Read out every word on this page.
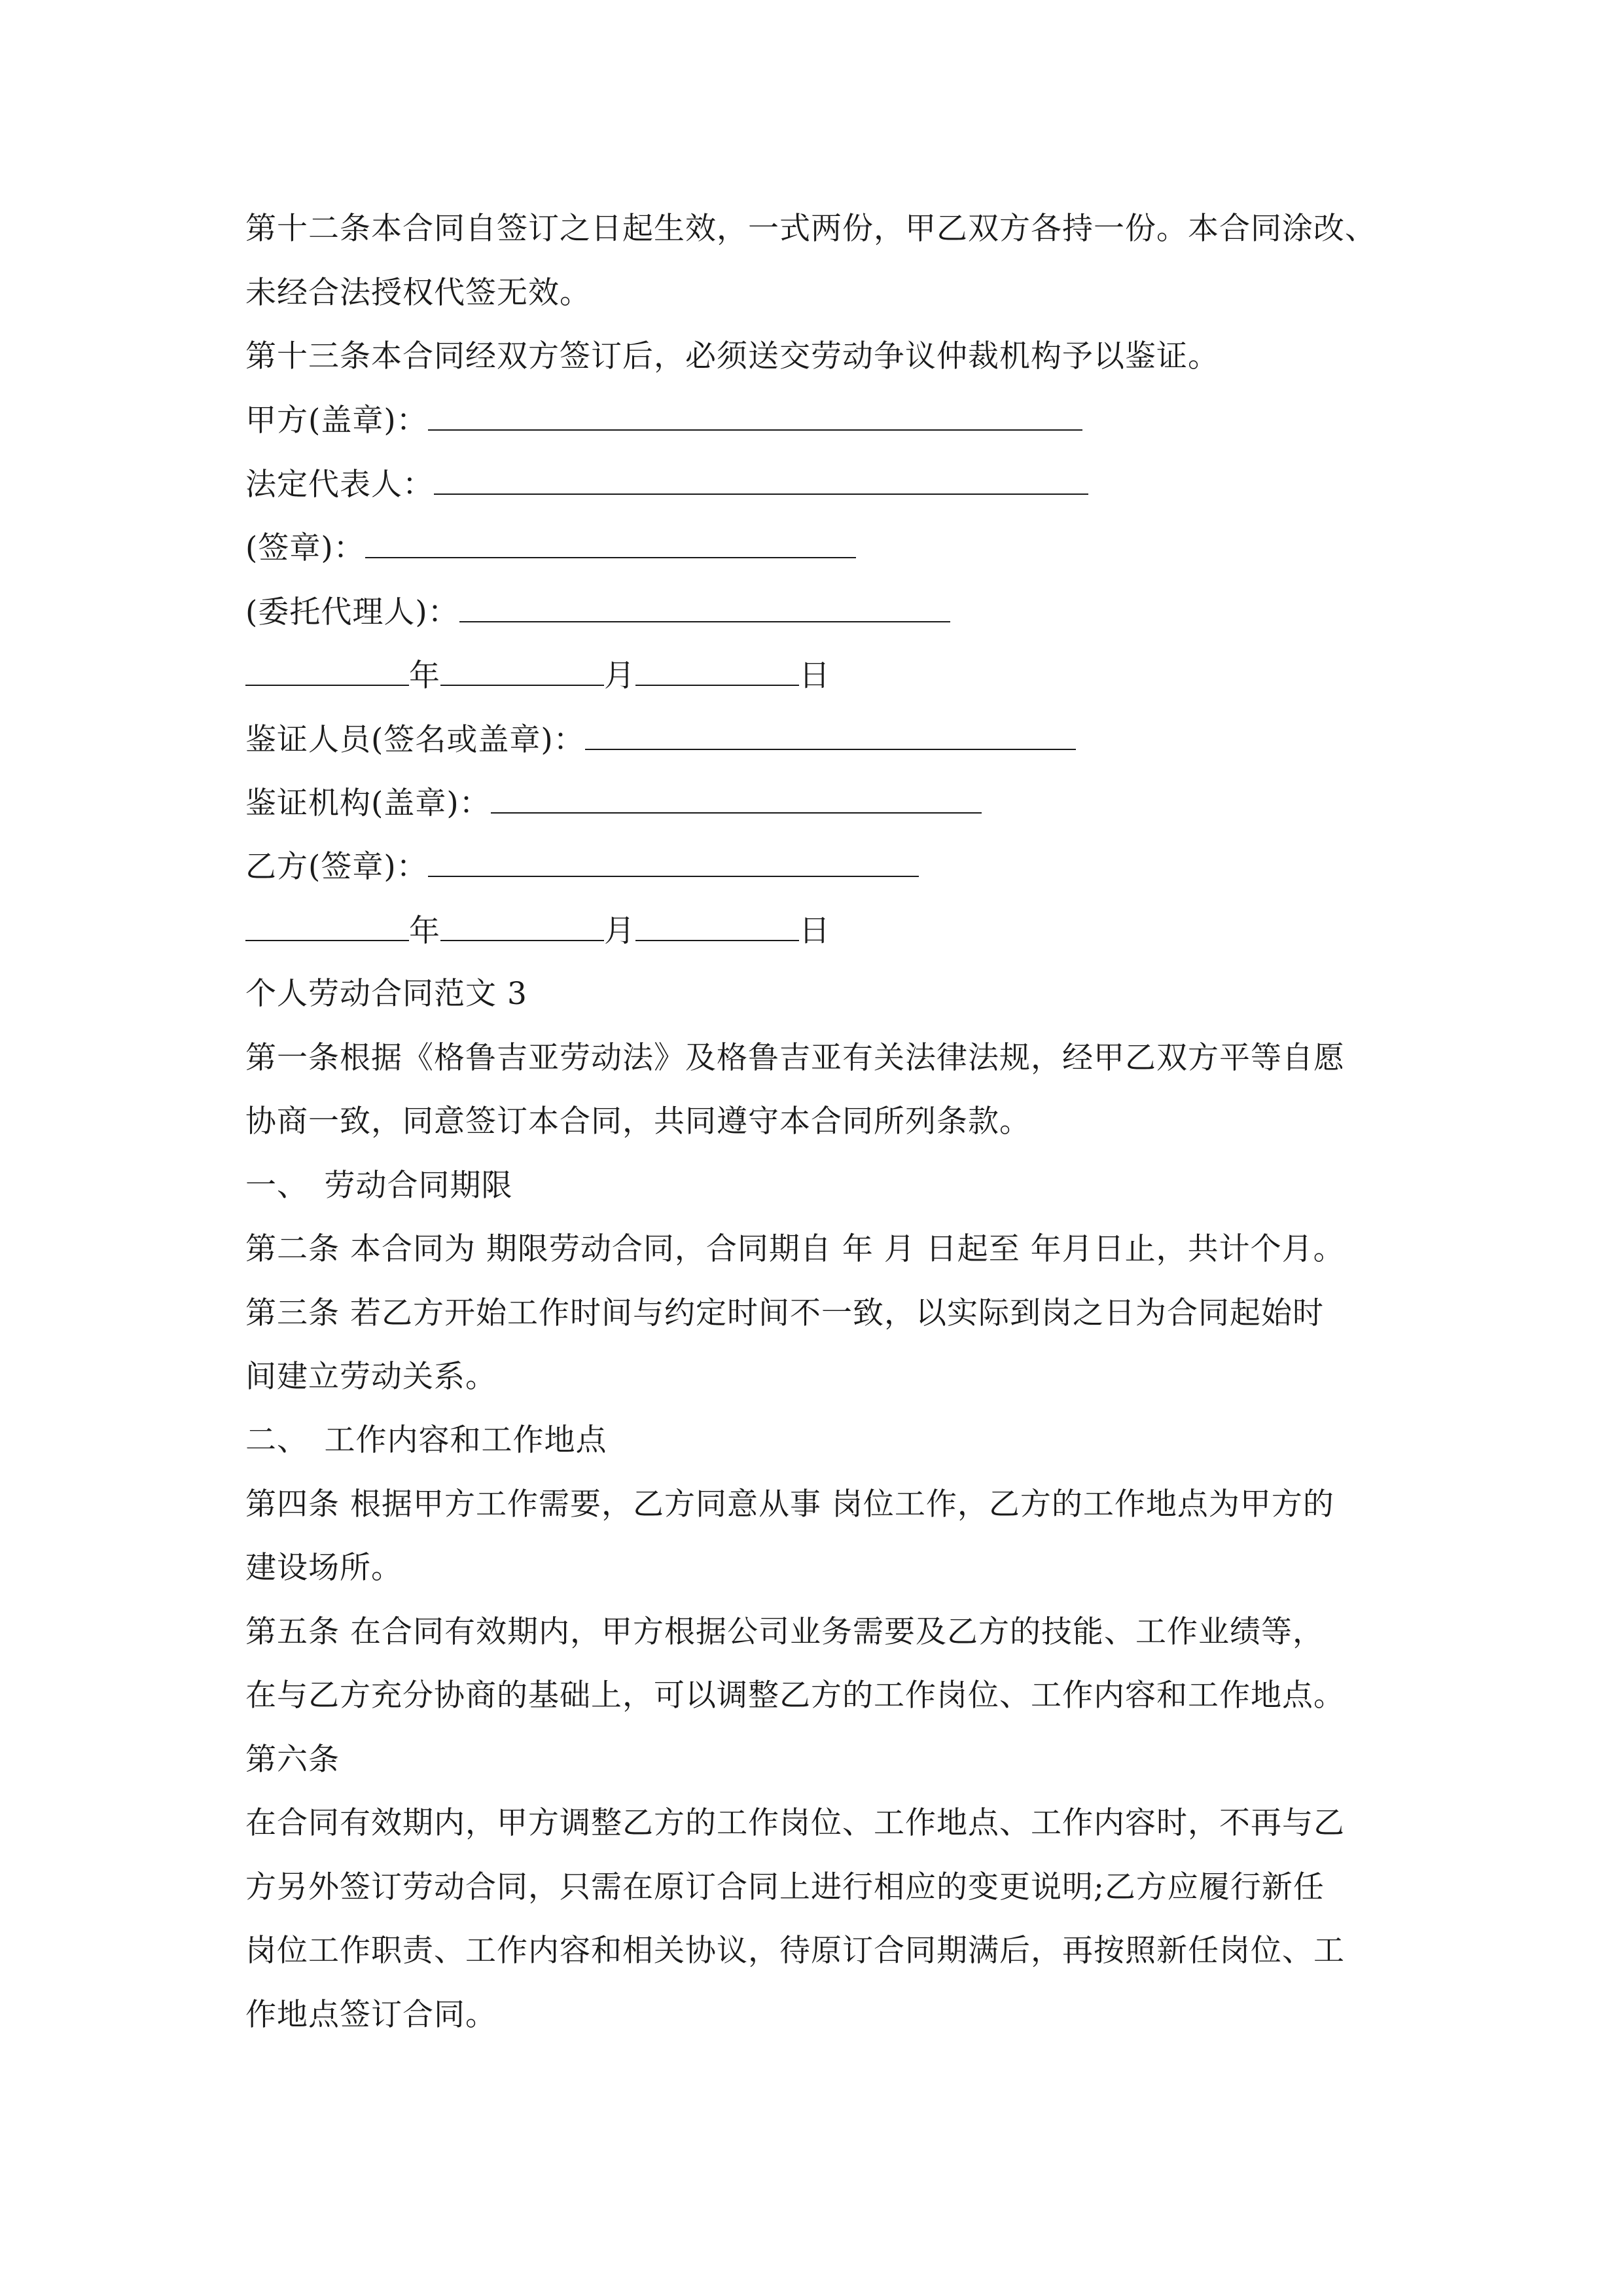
第十二条本合同自签订之日起生效，一式两份，甲乙双方各持一份。本合同涂改、
未经合法授权代签无效。
第十三条本合同经双方签订后，必须送交劳动争议仲裁机构予以鉴证。
甲方(盖章)：
法定代表人：
(签章)：
(委托代理人)：
年	月	日
鉴证人员(签名或盖章)：
鉴证机构(盖章)：
乙方(签章)：
年	月	日
个人劳动合同范文 3
第一条根据《格鲁吉亚劳动法》及格鲁吉亚有关法律法规，经甲乙双方平等自愿
协商一致，同意签订本合同，共同遵守本合同所列条款。
一、　劳动合同期限
第二条 本合同为 期限劳动合同，合同期自 年 月 日起至 年月日止，共计个月。
第三条 若乙方开始工作时间与约定时间不一致，以实际到岗之日为合同起始时
间建立劳动关系。
二、　工作内容和工作地点
第四条 根据甲方工作需要，乙方同意从事 岗位工作，乙方的工作地点为甲方的
建设场所。
第五条 在合同有效期内，甲方根据公司业务需要及乙方的技能、工作业绩等，
在与乙方充分协商的基础上，可以调整乙方的工作岗位、工作内容和工作地点。
第六条
在合同有效期内，甲方调整乙方的工作岗位、工作地点、工作内容时，不再与乙
方另外签订劳动合同，只需在原订合同上进行相应的变更说明;乙方应履行新任
岗位工作职责、工作内容和相关协议，待原订合同期满后，再按照新任岗位、工
作地点签订合同。
